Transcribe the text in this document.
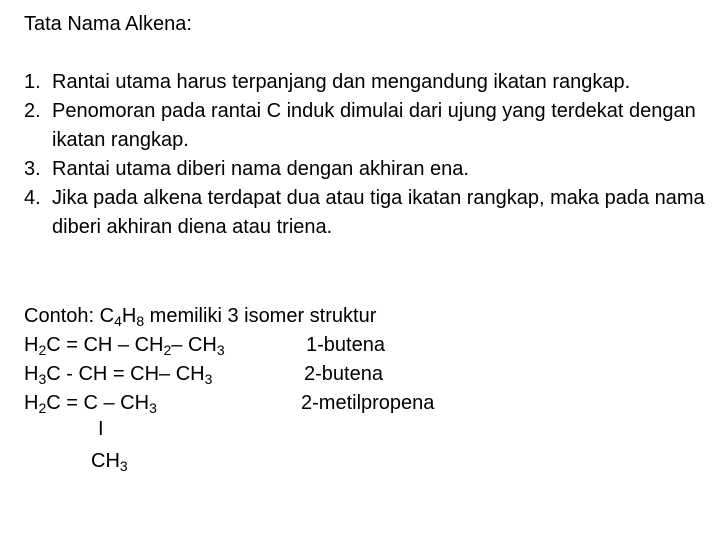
Tata Nama Alkena:
1. Rantai utama harus terpanjang dan mengandung ikatan rangkap.
2. Penomoran pada rantai C induk dimulai dari ujung yang terdekat dengan ikatan rangkap.
3. Rantai utama diberi nama dengan akhiran ena.
4. Jika pada alkena terdapat dua atau tiga ikatan rangkap, maka pada nama diberi akhiran diena atau triena.
Contoh: $C_4H_8$ memiliki 3 isomer struktur
$H_2C$ = CH – $CH_2-$ $CH_3$	1-butena
$H_3C$ - CH = CH– $CH_3$	2-butena
$H_2C = C - CH_3$	2-metilpropena
I
$CH_3$
